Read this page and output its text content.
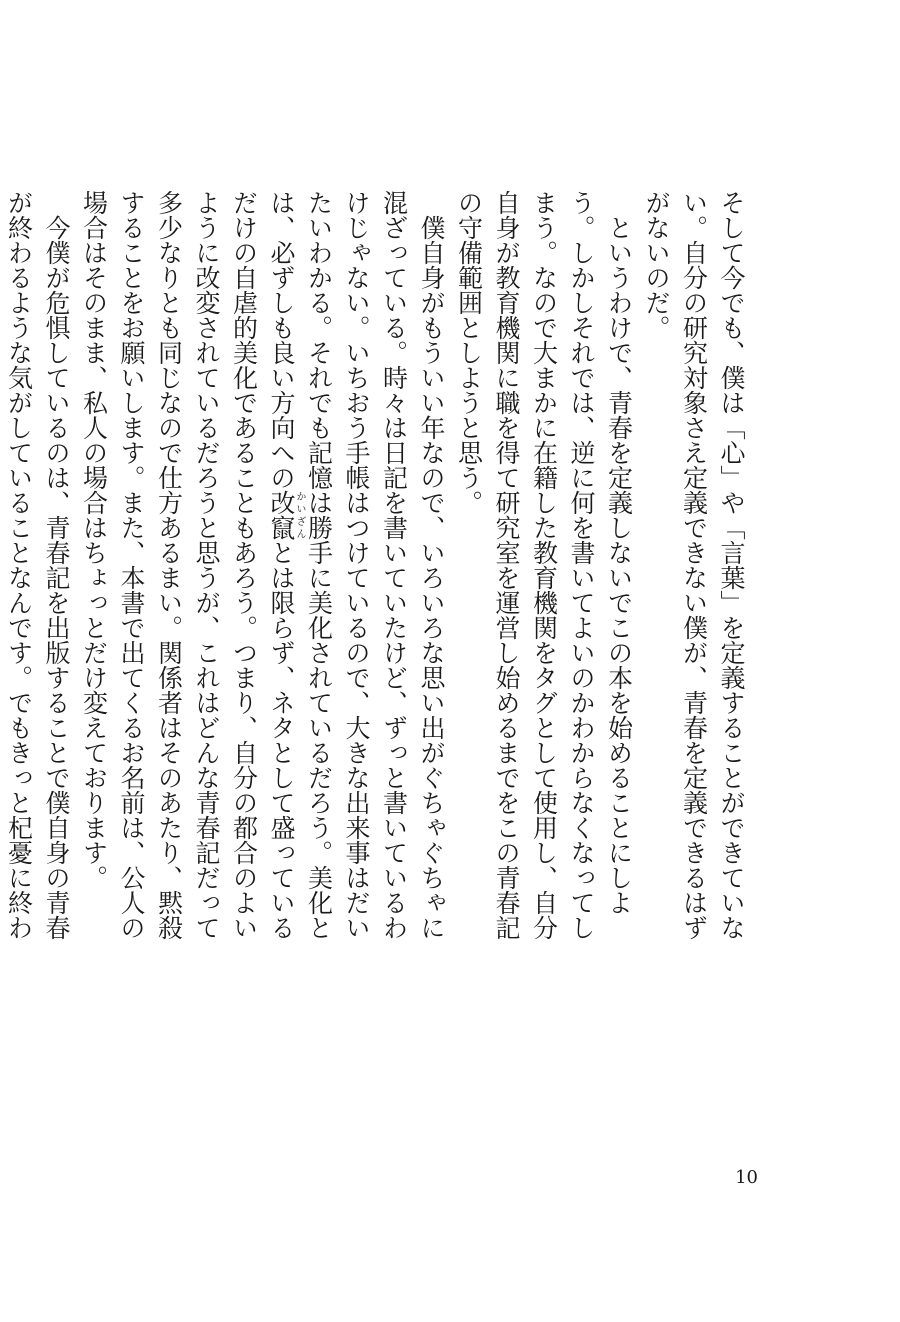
そして今でも、僕は「心」や「言葉」を定義することができていない。自分の研究対象さえ定義できない僕が、青春を定義できるはずがないのだ。

というわけで、青春を定義しないでこの本を始めることにしよう。しかしそれでは、逆に何を書いてよいのかわからなくなってしまう。なので大まかに在籍した教育機関をタグとして使用し、自分自身が教育機関に職を得て研究室を運営し始めるまでをこの青春記の守備範囲としようと思う。

僕自身がもういい年なので、いろいろな思い出がぐちゃぐちゃに混ざっている。時々は日記を書いていたけど、ずっと書いているわけじゃない。いちおう手帳はつけているので、大きな出来事はだいたいわかる。それでも記憶は勝手に美化されているだろう。美化とは、必ずしも良い方向への改竄かいざんとは限らず、ネタとして盛っているだけの自虐的美化であることもあろう。つまり、自分の都合のよいように改変されているだろうと思うが、これはどんな青春記だって多少なりとも同じなので仕方あるまい。関係者はそのあたり、黙殺することをお願いします。また、本書で出てくるお名前は、公人の場合はそのまま、私人の場合はちょっとだけ変えております。

今僕が危惧しているのは、青春記を出版することで僕自身の青春が終わるような気がしていることなんです。でもきっと杞憂に終わ

10
